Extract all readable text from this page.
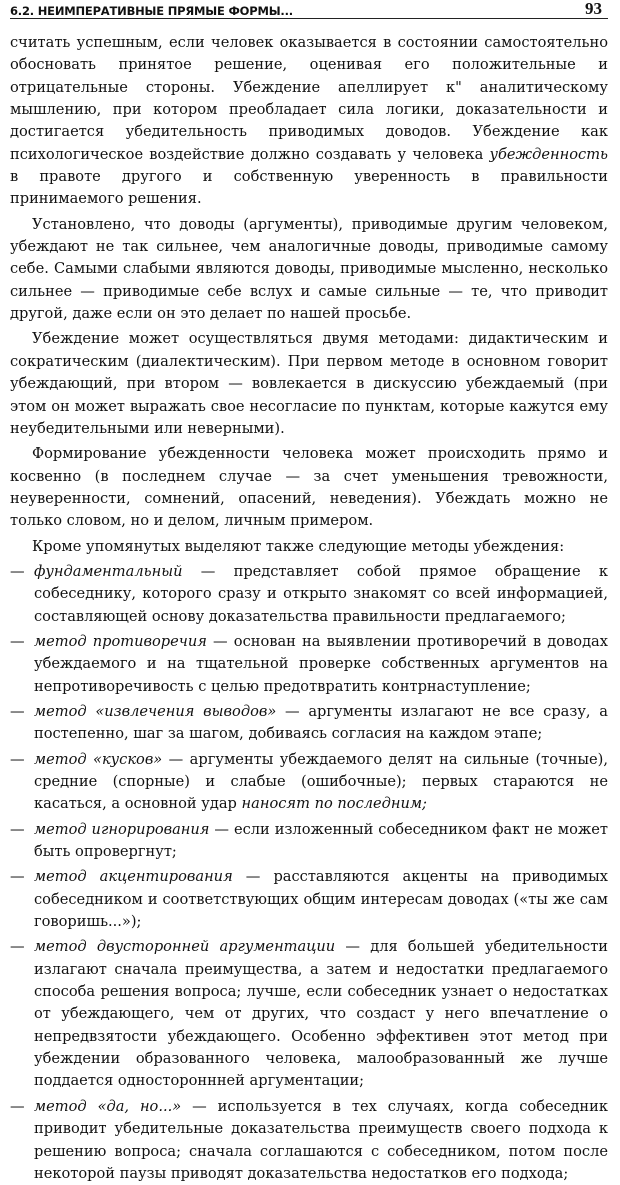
6.2. НЕИМПЕРАТИВНЫЕ ПРЯМЫЕ ФОРМЫ...	93

считать успешным, если человек оказывается в состоянии самостоятельно обосновать принятое решение, оценивая его положительные и отрицательные стороны. Убеждение апеллирует к" аналитическому мышлению, при котором преобладает сила логики, доказательности и достигается убедительность приводимых доводов. Убеждение как психологическое воздействие должно создавать у человека убежденность в правоте другого и собственную уверенность в правильности принимаемого решения.

Установлено, что доводы (аргументы), приводимые другим человеком, убеждают не так сильнее, чем аналогичные доводы, приводимые самому себе. Самыми слабыми являются доводы, приводимые мысленно, несколько сильнее — приводимые себе вслух и самые сильные — те, что приводит другой, даже если он это делает по нашей просьбе.

Убеждение может осуществляться двумя методами: дидактическим и сократическим (диалектическим). При первом методе в основном говорит убеждающий, при втором — вовлекается в дискуссию убеждаемый (при этом он может выражать свое несогласие по пунктам, которые кажутся ему неубедительными или неверными).

Формирование убежденности человека может происходить прямо и косвенно (в последнем случае — за счет уменьшения тревожности, неуверенности, сомнений, опасений, неведения). Убеждать можно не только словом, но и делом, личным примером.

Кроме упомянутых выделяют также следующие методы убеждения:

— фундаментальный — представляет собой прямое обращение к собеседнику, которого сразу и открыто знакомят со всей информацией, составляющей основу доказательства правильности предлагаемого;
— метод противоречия — основан на выявлении противоречий в доводах убеждаемого и на тщательной проверке собственных аргументов на непротиворечивость с целью предотвратить контрнаступление;
— метод «извлечения выводов» — аргументы излагают не все сразу, а постепенно, шаг за шагом, добиваясь согласия на каждом этапе;
— метод «кусков» — аргументы убеждаемого делят на сильные (точные), средние (спорные) и слабые (ошибочные); первых стараются не касаться, а основной удар наносят по последним;
— метод игнорирования — если изложенный собеседником факт не может быть опровергнут;
— метод акцентирования — расставляются акценты на приводимых собеседником и соответствующих общим интересам доводах («ты же сам говоришь...»);
— метод двусторонней аргументации — для большей убедительности излагают сначала преимущества, а затем и недостатки предлагаемого способа решения вопроса; лучше, если собеседник узнает о недостатках от убеждающего, чем от других, что создаст у него впечатление о непредвзятости убеждающего. Особенно эффективен этот метод при убеждении образованного человека, малообразованный же лучше поддается одностороннней аргументации;
— метод «да, но...» — используется в тех случаях, когда собеседник приводит убедительные доказательства преимуществ своего подхода к решению вопроса; сначала соглашаются с собеседником, потом после некоторой паузы приводят доказательства недостатков его подхода;
